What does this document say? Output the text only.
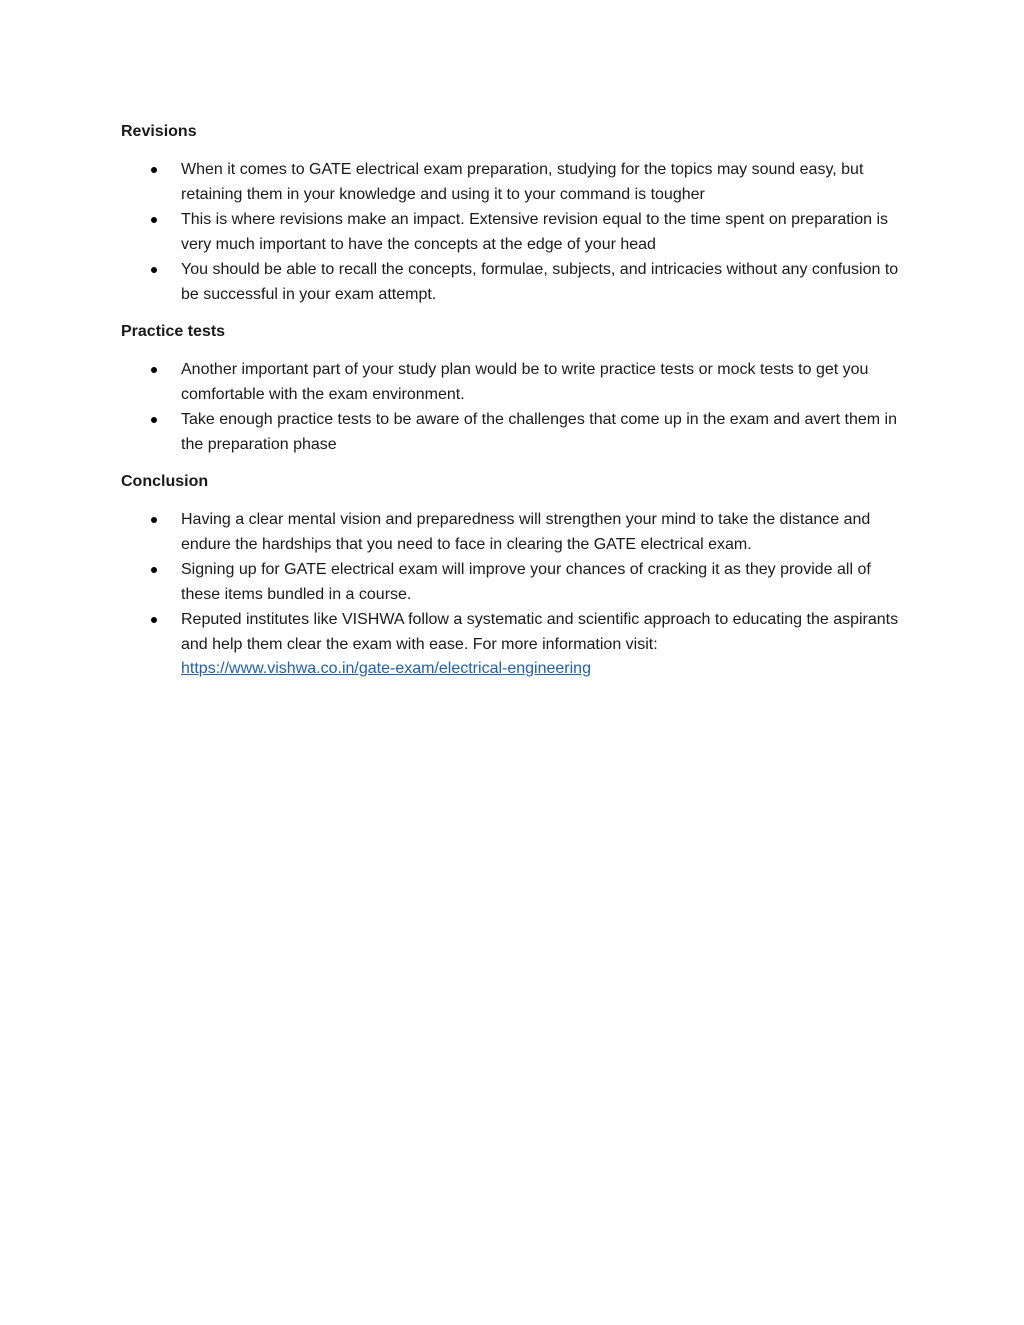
Revisions
When it comes to GATE electrical exam preparation, studying for the topics may sound easy, but retaining them in your knowledge and using it to your command is tougher
This is where revisions make an impact. Extensive revision equal to the time spent on preparation is very much important to have the concepts at the edge of your head
You should be able to recall the concepts, formulae, subjects, and intricacies without any confusion to be successful in your exam attempt.
Practice tests
Another important part of your study plan would be to write practice tests or mock tests to get you comfortable with the exam environment.
Take enough practice tests to be aware of the challenges that come up in the exam and avert them in the preparation phase
Conclusion
Having a clear mental vision and preparedness will strengthen your mind to take the distance and endure the hardships that you need to face in clearing the GATE electrical exam.
Signing up for GATE electrical exam will improve your chances of cracking it as they provide all of these items bundled in a course.
Reputed institutes like VISHWA follow a systematic and scientific approach to educating the aspirants and help them clear the exam with ease. For more information visit:
https://www.vishwa.co.in/gate-exam/electrical-engineering
